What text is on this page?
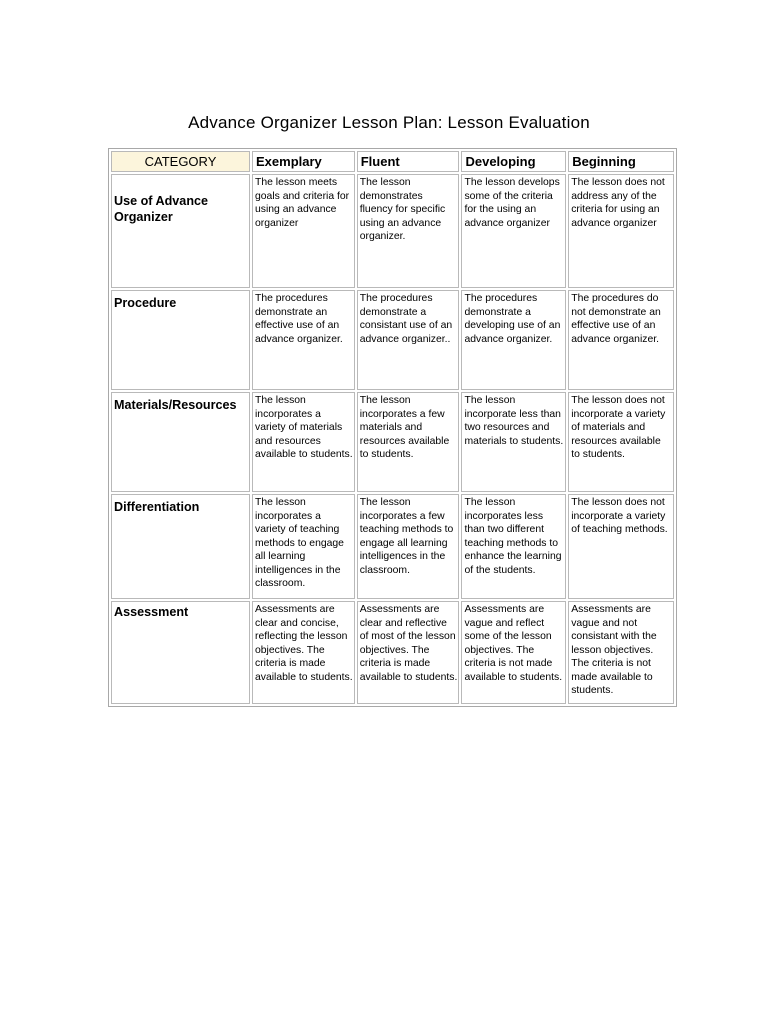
Advance Organizer Lesson Plan: Lesson Evaluation
CATEGORY	Exemplary	Fluent	Developing	Beginning
Use of Advance Organizer	The lesson meets goals and criteria for using an advance organizer	The lesson demonstrates fluency for specific using an advance organizer.	The lesson develops some of the criteria for the using an advance organizer	The lesson does not address any of the criteria for using an advance organizer
Procedure	The procedures demonstrate an effective use of an advance organizer.	The procedures demonstrate a consistant use of an advance organizer..	The procedures demonstrate a developing use of an advance organizer.	The procedures do not demonstrate an effective use of an advance organizer.
Materials/Resources	The lesson incorporates a variety of materials and resources available to students.	The lesson incorporates a few materials and resources available to students.	The lesson incorporate less than two resources and materials to students.	The lesson does not incorporate a variety of materials and resources available to students.
Differentiation	The lesson incorporates a variety of teaching methods to engage all learning intelligences in the classroom.	The lesson incorporates a few teaching methods to engage all learning intelligences in the classroom.	The lesson incorporates less than two different teaching methods to enhance the learning of the students.	The lesson does not incorporate a variety of teaching methods.
Assessment	Assessments are clear and concise, reflecting the lesson objectives. The criteria is made available to students.	Assessments are clear and reflective of most of the lesson objectives. The criteria is made available to students.	Assessments are vague and reflect some of the lesson objectives. The criteria is not made available to students.	Assessments are vague and not consistant with the lesson objectives. The criteria is not made available to students.
